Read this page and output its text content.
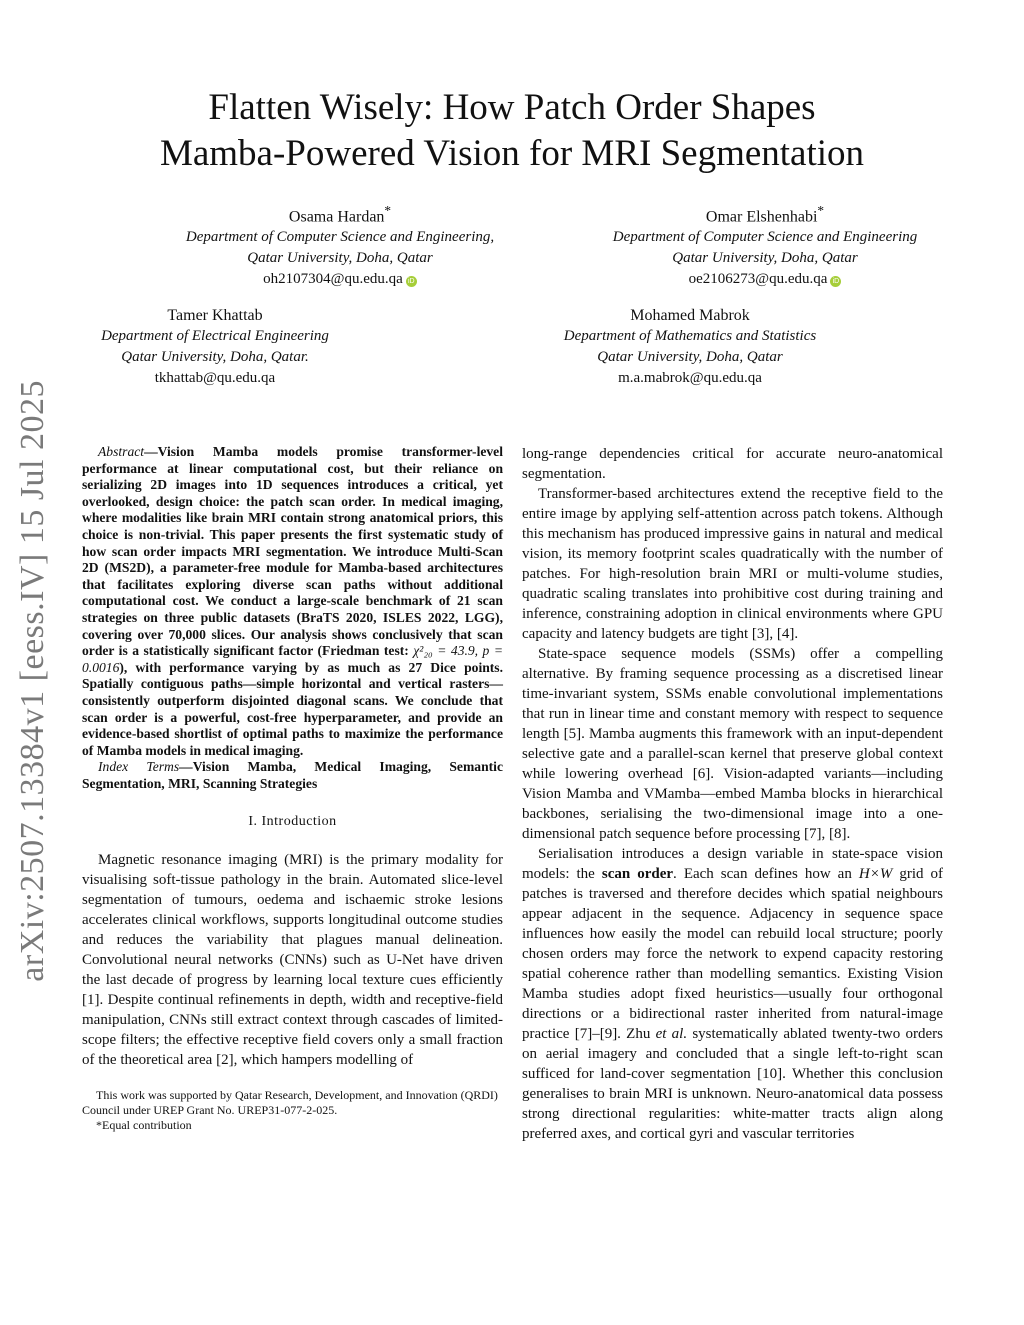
arXiv:2507.13384v1 [eess.IV] 15 Jul 2025
Flatten Wisely: How Patch Order Shapes
Mamba-Powered Vision for MRI Segmentation
Osama Hardan*
Department of Computer Science and Engineering,
Qatar University, Doha, Qatar
oh2107304@qu.edu.qa iD
Omar Elshenhabi*
Department of Computer Science and Engineering
Qatar University, Doha, Qatar
oe2106273@qu.edu.qa iD
Tamer Khattab
Department of Electrical Engineering
Qatar University, Doha, Qatar.
tkhattab@qu.edu.qa
Mohamed Mabrok
Department of Mathematics and Statistics
Qatar University, Doha, Qatar
m.a.mabrok@qu.edu.qa

Abstract—Vision Mamba models promise transformer-level performance at linear computational cost, but their reliance on serializing 2D images into 1D sequences introduces a critical, yet overlooked, design choice: the patch scan order. In medical imaging, where modalities like brain MRI contain strong anatomical priors, this choice is non-trivial. This paper presents the first systematic study of how scan order impacts MRI segmentation. We introduce Multi-Scan 2D (MS2D), a parameter-free module for Mamba-based architectures that facilitates exploring diverse scan paths without additional computational cost. We conduct a large-scale benchmark of 21 scan strategies on three public datasets (BraTS 2020, ISLES 2022, LGG), covering over 70,000 slices. Our analysis shows conclusively that scan order is a statistically significant factor (Friedman test: χ²₂₀ = 43.9, p = 0.0016), with performance varying by as much as 27 Dice points. Spatially contiguous paths—simple horizontal and vertical rasters—consistently outperform disjointed diagonal scans. We conclude that scan order is a powerful, cost-free hyperparameter, and provide an evidence-based shortlist of optimal paths to maximize the performance of Mamba models in medical imaging.

Index Terms—Vision Mamba, Medical Imaging, Semantic Segmentation, MRI, Scanning Strategies

I. Introduction

Magnetic resonance imaging (MRI) is the primary modality for visualising soft-tissue pathology in the brain. Automated slice-level segmentation of tumours, oedema and ischaemic stroke lesions accelerates clinical workflows, supports longitudinal outcome studies and reduces the variability that plagues manual delineation. Convolutional neural networks (CNNs) such as U-Net have driven the last decade of progress by learning local texture cues efficiently [1]. Despite continual refinements in depth, width and receptive-field manipulation, CNNs still extract context through cascades of limited-scope filters; the effective receptive field covers only a small fraction of the theoretical area [2], which hampers modelling of

This work was supported by Qatar Research, Development, and Innovation (QRDI) Council under UREP Grant No. UREP31-077-2-025.

*Equal contribution

long-range dependencies critical for accurate neuro-anatomical segmentation.

Transformer-based architectures extend the receptive field to the entire image by applying self-attention across patch tokens. Although this mechanism has produced impressive gains in natural and medical vision, its memory footprint scales quadratically with the number of patches. For high-resolution brain MRI or multi-volume studies, quadratic scaling translates into prohibitive cost during training and inference, constraining adoption in clinical environments where GPU capacity and latency budgets are tight [3], [4].

State-space sequence models (SSMs) offer a compelling alternative. By framing sequence processing as a discretised linear time-invariant system, SSMs enable convolutional implementations that run in linear time and constant memory with respect to sequence length [5]. Mamba augments this framework with an input-dependent selective gate and a parallel-scan kernel that preserve global context while lowering overhead [6]. Vision-adapted variants—including Vision Mamba and VMamba—embed Mamba blocks in hierarchical backbones, serialising the two-dimensional image into a one-dimensional patch sequence before processing [7], [8].

Serialisation introduces a design variable in state-space vision models: the scan order. Each scan defines how an H×W grid of patches is traversed and therefore decides which spatial neighbours appear adjacent in the sequence. Adjacency in sequence space influences how easily the model can rebuild local structure; poorly chosen orders may force the network to expend capacity restoring spatial coherence rather than modelling semantics. Existing Vision Mamba studies adopt fixed heuristics—usually four orthogonal directions or a bidirectional raster inherited from natural-image practice [7]–[9]. Zhu et al. systematically ablated twenty-two orders on aerial imagery and concluded that a single left-to-right scan sufficed for land-cover segmentation [10]. Whether this conclusion generalises to brain MRI is unknown. Neuro-anatomical data possess strong directional regularities: white-matter tracts align along preferred axes, and cortical gyri and vascular territories
